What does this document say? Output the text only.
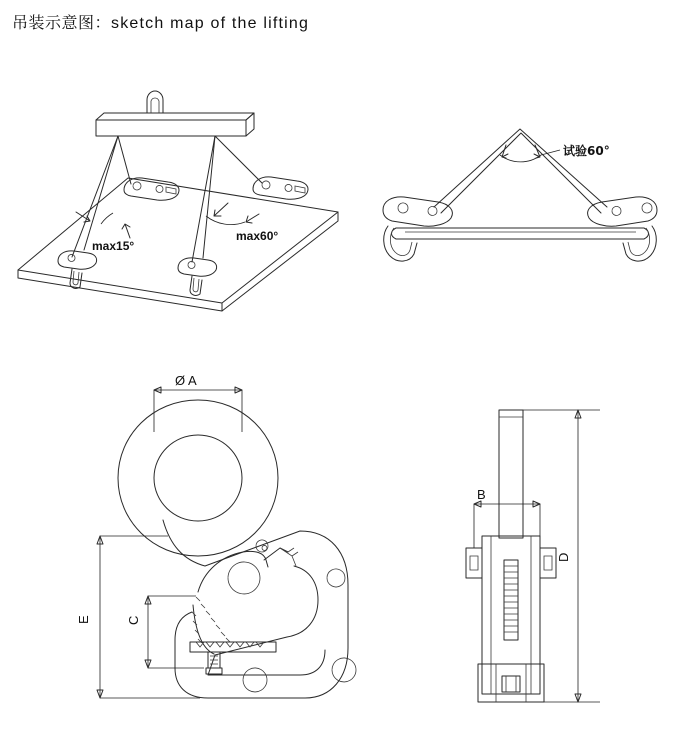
吊装示意图：sketch map of the lifting
max15°
max60°
试验60°
Ø A
E	C
B
D
